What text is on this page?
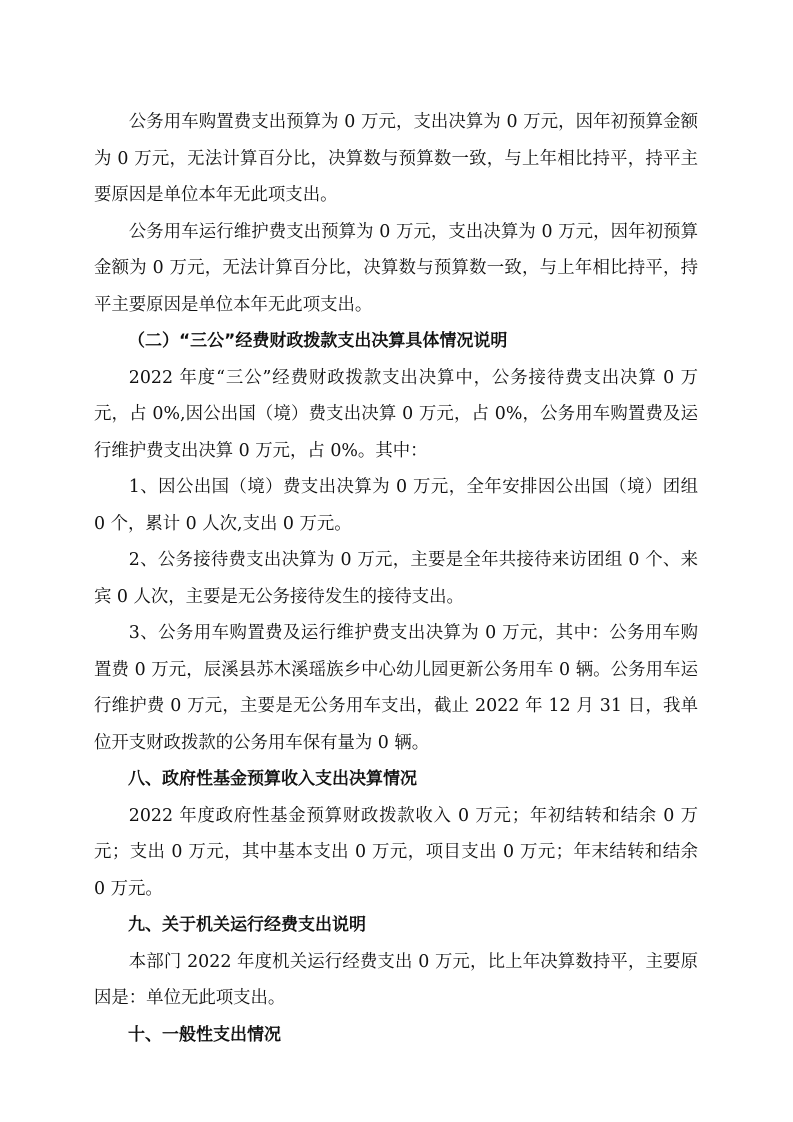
公务用车购置费支出预算为 0 万元，支出决算为 0 万元，因年初预算金额为 0 万元，无法计算百分比，决算数与预算数一致，与上年相比持平，持平主要原因是单位本年无此项支出。

公务用车运行维护费支出预算为 0 万元，支出决算为 0 万元，因年初预算金额为 0 万元，无法计算百分比，决算数与预算数一致，与上年相比持平，持平主要原因是单位本年无此项支出。

（二）“三公”经费财政拨款支出决算具体情况说明

2022 年度“三公”经费财政拨款支出决算中，公务接待费支出决算 0 万元，占 0%,因公出国（境）费支出决算 0 万元，占 0%，公务用车购置费及运行维护费支出决算 0 万元，占 0%。其中：

1、因公出国（境）费支出决算为 0 万元，全年安排因公出国（境）团组 0 个，累计 0 人次,支出 0 万元。

2、公务接待费支出决算为 0 万元，主要是全年共接待来访团组 0 个、来宾 0 人次，主要是无公务接待发生的接待支出。

3、公务用车购置费及运行维护费支出决算为 0 万元，其中：公务用车购置费 0 万元，辰溪县苏木溪瑶族乡中心幼儿园更新公务用车 0 辆。公务用车运行维护费 0 万元，主要是无公务用车支出，截止 2022 年 12 月 31 日，我单位开支财政拨款的公务用车保有量为 0 辆。

八、政府性基金预算收入支出决算情况

2022 年度政府性基金预算财政拨款收入 0 万元；年初结转和结余 0 万元；支出 0 万元，其中基本支出 0 万元，项目支出 0 万元；年末结转和结余 0 万元。

九、关于机关运行经费支出说明

本部门 2022 年度机关运行经费支出 0 万元，比上年决算数持平，主要原因是：单位无此项支出。

十、一般性支出情况
